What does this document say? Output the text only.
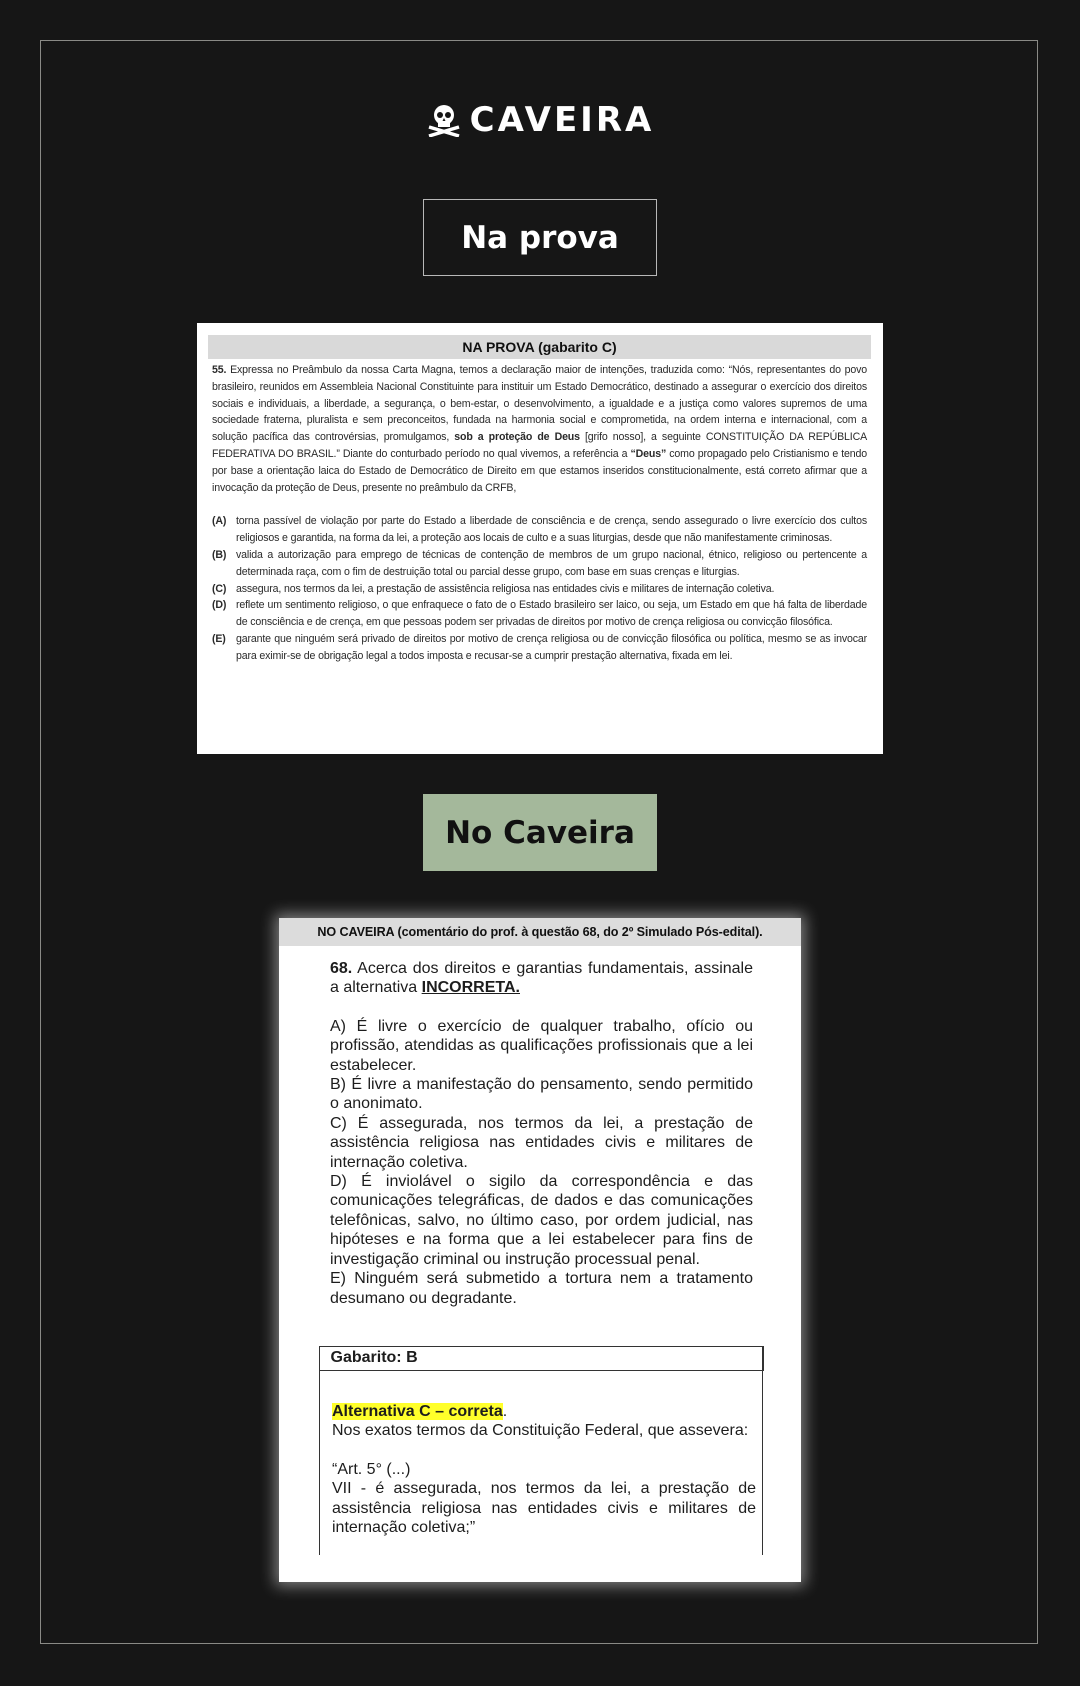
CAVEIRA
Na prova
NA PROVA (gabarito C)

55. Expressa no Preâmbulo da nossa Carta Magna, temos a declaração maior de intenções, traduzida como: “Nós, representantes do povo brasileiro, reunidos em Assembleia Nacional Constituinte para instituir um Estado Democrático, destinado a assegurar o exercício dos direitos sociais e individuais, a liberdade, a segurança, o bem-estar, o desenvolvimento, a igualdade e a justiça como valores supremos de uma sociedade fraterna, pluralista e sem preconceitos, fundada na harmonia social e comprometida, na ordem interna e internacional, com a solução pacífica das controvérsias, promulgamos, sob a proteção de Deus [grifo nosso], a seguinte CONSTITUIÇÃO DA REPÚBLICA FEDERATIVA DO BRASIL.” Diante do conturbado período no qual vivemos, a referência a “Deus” como propagado pelo Cristianismo e tendo por base a orientação laica do Estado de Democrático de Direito em que estamos inseridos constitucionalmente, está correto afirmar que a invocação da proteção de Deus, presente no preâmbulo da CRFB,

(A) torna passível de violação por parte do Estado a liberdade de consciência e de crença, sendo assegurado o livre exercício dos cultos religiosos e garantida, na forma da lei, a proteção aos locais de culto e a suas liturgias, desde que não manifestamente criminosas.
(B) valida a autorização para emprego de técnicas de contenção de membros de um grupo nacional, étnico, religioso ou pertencente a determinada raça, com o fim de destruição total ou parcial desse grupo, com base em suas crenças e liturgias.
(C) assegura, nos termos da lei, a prestação de assistência religiosa nas entidades civis e militares de internação coletiva.
(D) reflete um sentimento religioso, o que enfraquece o fato de o Estado brasileiro ser laico, ou seja, um Estado em que há falta de liberdade de consciência e de crença, em que pessoas podem ser privadas de direitos por motivo de crença religiosa ou convicção filosófica.
(E) garante que ninguém será privado de direitos por motivo de crença religiosa ou de convicção filosófica ou política, mesmo se as invocar para eximir-se de obrigação legal a todos imposta e recusar-se a cumprir prestação alternativa, fixada em lei.
No Caveira
NO CAVEIRA (comentário do prof. à questão 68, do 2º Simulado Pós-edital).

68. Acerca dos direitos e garantias fundamentais, assinale a alternativa INCORRETA.

A) É livre o exercício de qualquer trabalho, ofício ou profissão, atendidas as qualificações profissionais que a lei estabelecer.

B) É livre a manifestação do pensamento, sendo permitido o anonimato.

C) É assegurada, nos termos da lei, a prestação de assistência religiosa nas entidades civis e militares de internação coletiva.

D) É inviolável o sigilo da correspondência e das comunicações telegráficas, de dados e das comunicações telefônicas, salvo, no último caso, por ordem judicial, nas hipóteses e na forma que a lei estabelecer para fins de investigação criminal ou instrução processual penal.

E) Ninguém será submetido a tortura nem a tratamento desumano ou degradante.

Gabarito: B

Alternativa C – correta.

Nos exatos termos da Constituição Federal, que assevera:

“Art. 5° (...)

VII - é assegurada, nos termos da lei, a prestação de assistência religiosa nas entidades civis e militares de internação coletiva;”
